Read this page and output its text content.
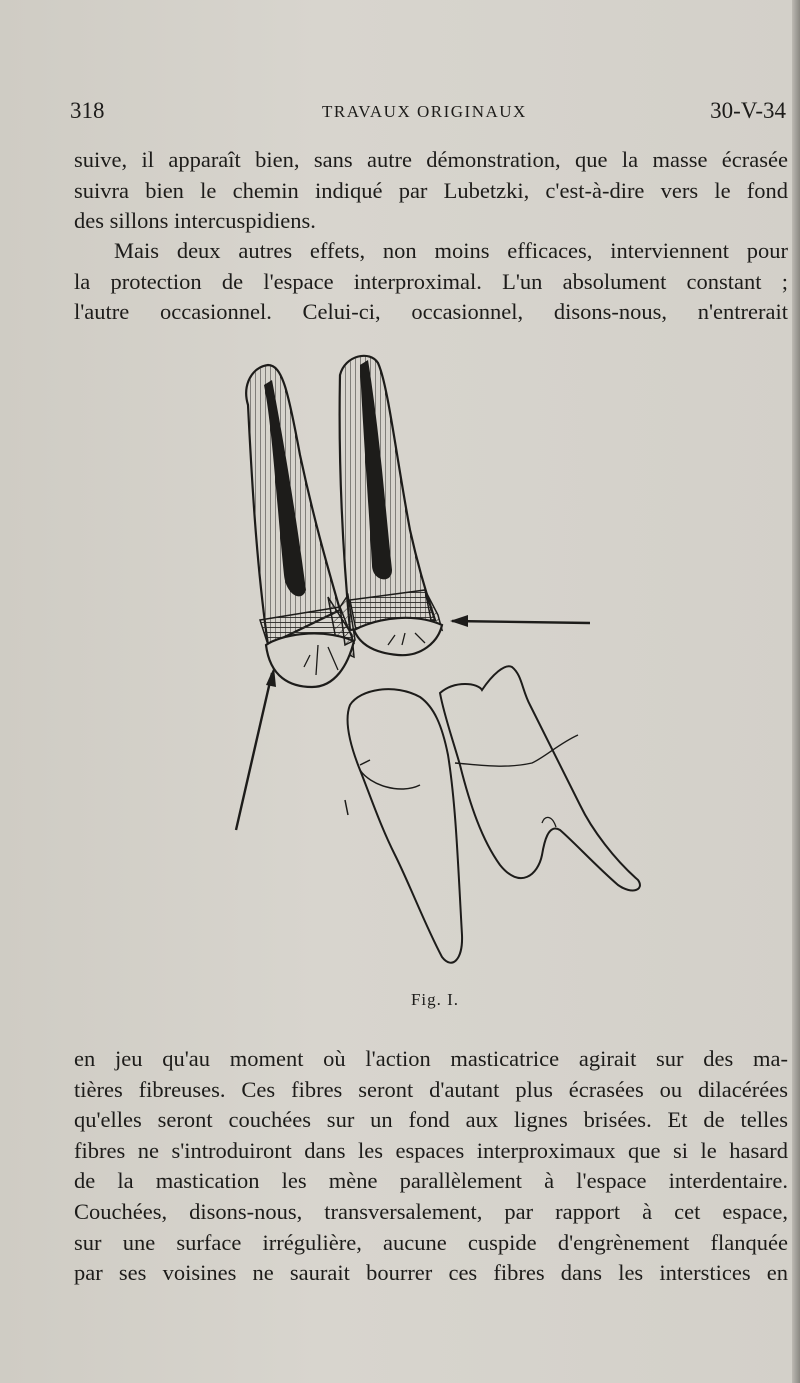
318	TRAVAUX ORIGINAUX	30-V-34

suive, il apparaît bien, sans autre démonstration, que la masse écrasée
suivra bien le chemin indiqué par Lubetzki, c'est-à-dire vers le fond
des sillons intercuspidiens.

Mais deux autres effets, non moins efficaces, interviennent pour
la protection de l'espace interproximal. L'un absolument constant ;
l'autre occasionnel. Celui-ci, occasionnel, disons-nous, n'entrerait

Fig. I.

en jeu qu'au moment où l'action masticatrice agirait sur des ma-
tières fibreuses. Ces fibres seront d'autant plus écrasées ou dilacérées
qu'elles seront couchées sur un fond aux lignes brisées. Et de telles
fibres ne s'introduiront dans les espaces interproximaux que si le hasard
de la mastication les mène parallèlement à l'espace interdentaire.
Couchées, disons-nous, transversalement, par rapport à cet espace,
sur une surface irrégulière, aucune cuspide d'engrènement flanquée
par ses voisines ne saurait bourrer ces fibres dans les interstices en
